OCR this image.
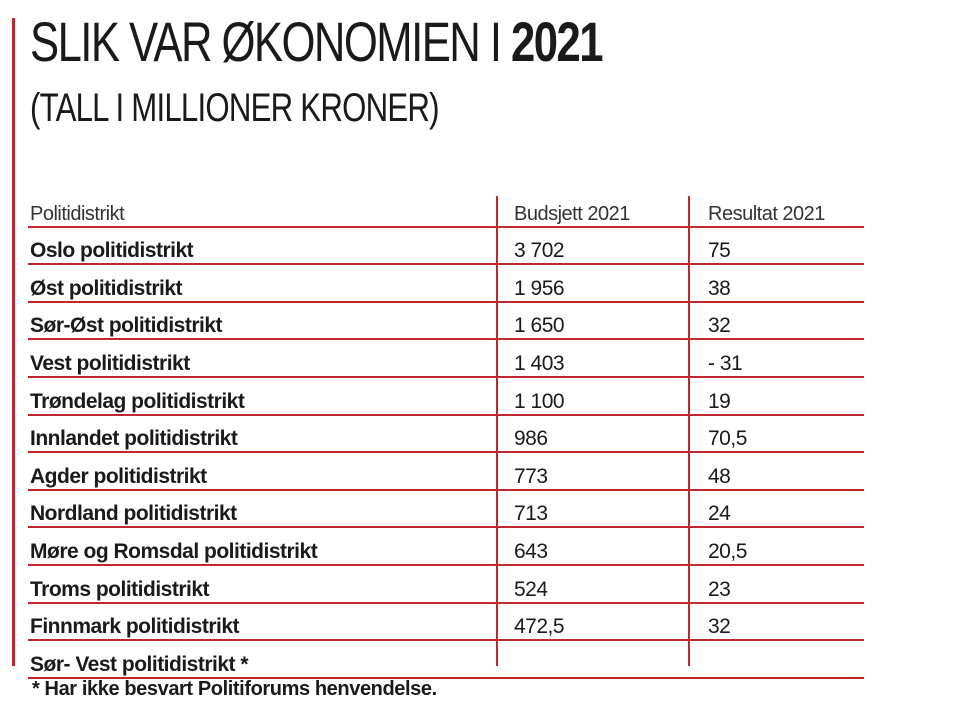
SLIK VAR ØKONOMIEN I 2021
(TALL I MILLIONER KRONER)
Politidistrikt	Budsjett 2021	Resultat 2021
Oslo politidistrikt	3 702	75
Øst politidistrikt	1 956	38
Sør-Øst politidistrikt	1 650	32
Vest politidistrikt	1 403	- 31
Trøndelag politidistrikt	1 100	19
Innlandet politidistrikt	986	70,5
Agder politidistrikt	773	48
Nordland politidistrikt	713	24
Møre og Romsdal politidistrikt	643	20,5
Troms politidistrikt	524	23
Finnmark politidistrikt	472,5	32
Sør- Vest politidistrikt *
* Har ikke besvart Politiforums henvendelse.
